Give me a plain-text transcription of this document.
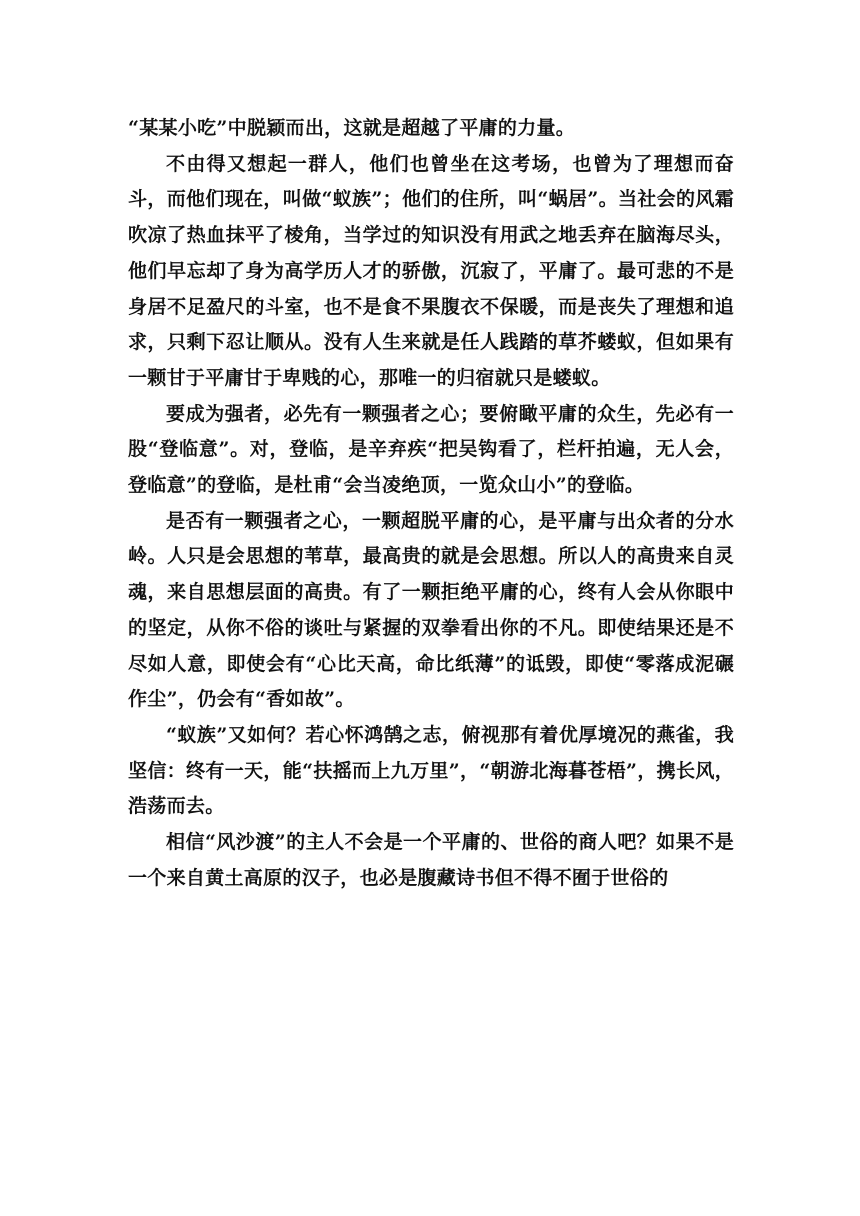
“某某小吃”中脱颖而出，这就是超越了平庸的力量。

不由得又想起一群人，他们也曾坐在这考场，也曾为了理想而奋斗，而他们现在，叫做“蚁族”；他们的住所，叫“蜗居”。当社会的风霜吹凉了热血抹平了棱角，当学过的知识没有用武之地丢弃在脑海尽头，他们早忘却了身为高学历人才的骄傲，沉寂了，平庸了。最可悲的不是身居不足盈尺的斗室，也不是食不果腹衣不保暖，而是丧失了理想和追求，只剩下忍让顺从。没有人生来就是任人践踏的草芥蝼蚁，但如果有一颗甘于平庸甘于卑贱的心，那唯一的归宿就只是蝼蚁。

要成为强者，必先有一颗强者之心；要俯瞰平庸的众生，先必有一股“登临意”。对，登临，是辛弃疾“把吴钩看了，栏杆拍遍，无人会，登临意”的登临，是杜甫“会当凌绝顶，一览众山小”的登临。

是否有一颗强者之心，一颗超脱平庸的心，是平庸与出众者的分水岭。人只是会思想的苇草，最高贵的就是会思想。所以人的高贵来自灵魂，来自思想层面的高贵。有了一颗拒绝平庸的心，终有人会从你眼中的坚定，从你不俗的谈吐与紧握的双拳看出你的不凡。即使结果还是不尽如人意，即使会有“心比天高，命比纸薄”的诋毁，即使“零落成泥碾作尘”，仍会有“香如故”。

“蚁族”又如何？若心怀鸿鹄之志，俯视那有着优厚境况的燕雀，我坚信：终有一天，能“扶摇而上九万里”，“朝游北海暮苍梧”，携长风，浩荡而去。

相信“风沙渡”的主人不会是一个平庸的、世俗的商人吧？如果不是一个来自黄土高原的汉子，也必是腹藏诗书但不得不囿于世俗的
